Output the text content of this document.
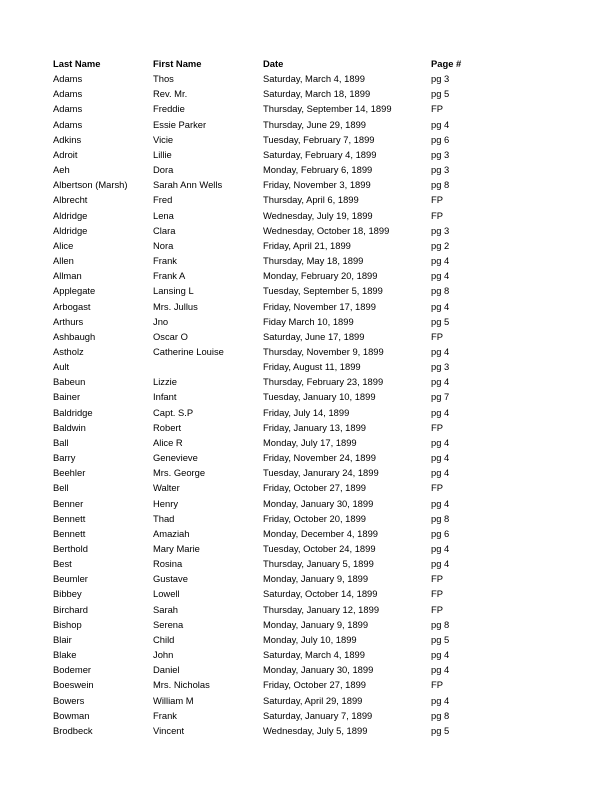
Last Name	First Name	Date	Page #
Adams	Thos	Saturday, March 4, 1899	pg 3
Adams	Rev. Mr.	Saturday, March 18, 1899	pg 5
Adams	Freddie	Thursday, September 14, 1899	FP
Adams	Essie Parker	Thursday, June 29, 1899	pg 4
Adkins	Vicie	Tuesday, February 7, 1899	pg 6
Adroit	Lillie	Saturday, February 4, 1899	pg 3
Aeh	Dora	Monday, February 6, 1899	pg 3
Albertson (Marsh)	Sarah Ann Wells	Friday, November 3, 1899	pg 8
Albrecht	Fred	Thursday, April 6, 1899	FP
Aldridge	Lena	Wednesday, July 19, 1899	FP
Aldridge	Clara	Wednesday, October 18, 1899	pg 3
Alice	Nora	Friday, April 21, 1899	pg 2
Allen	Frank	Thursday, May 18, 1899	pg 4
Allman	Frank A	Monday, February 20, 1899	pg 4
Applegate	Lansing L	Tuesday, September 5, 1899	pg 8
Arbogast	Mrs. Jullus	Friday, November 17, 1899	pg 4
Arthurs	Jno	Fiday March 10, 1899	pg 5
Ashbaugh	Oscar O	Saturday, June 17, 1899	FP
Astholz	Catherine Louise	Thursday, November 9, 1899	pg 4
Ault		Friday, August 11, 1899	pg 3
Babeun	Lizzie	Thursday, February 23, 1899	pg 4
Bainer	Infant	Tuesday, January 10, 1899	pg 7
Baldridge	Capt. S.P	Friday, July 14, 1899	pg 4
Baldwin	Robert	Friday, January 13, 1899	FP
Ball	Alice R	Monday, July 17, 1899	pg 4
Barry	Genevieve	Friday, November 24, 1899	pg 4
Beehler	Mrs. George	Tuesday, Janurary 24, 1899	pg 4
Bell	Walter	Friday, October 27, 1899	FP
Benner	Henry	Monday, January 30, 1899	pg 4
Bennett	Thad	Friday, October 20, 1899	pg 8
Bennett	Amaziah	Monday, December 4, 1899	pg 6
Berthold	Mary Marie	Tuesday, October 24, 1899	pg 4
Best	Rosina	Thursday, January 5, 1899	pg 4
Beumler	Gustave	Monday, January 9, 1899	FP
Bibbey	Lowell	Saturday, October 14, 1899	FP
Birchard	Sarah	Thursday, January 12, 1899	FP
Bishop	Serena	Monday, January 9, 1899	pg 8
Blair	Child	Monday, July 10, 1899	pg 5
Blake	John	Saturday, March 4, 1899	pg 4
Bodemer	Daniel	Monday, January 30, 1899	pg 4
Boeswein	Mrs. Nicholas	Friday, October 27, 1899	FP
Bowers	William M	Saturday, April 29, 1899	pg 4
Bowman	Frank	Saturday, January 7, 1899	pg 8
Brodbeck	Vincent	Wednesday, July 5, 1899	pg 5
